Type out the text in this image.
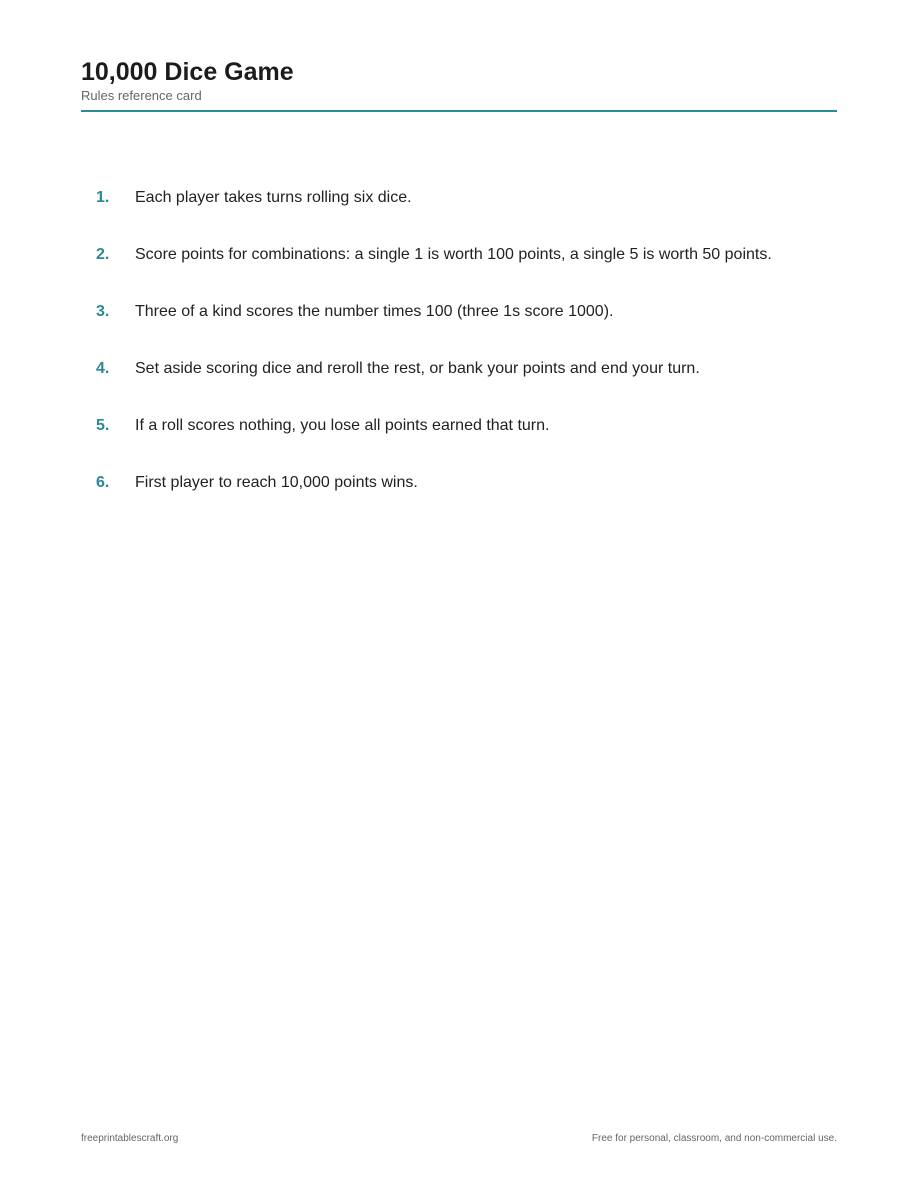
10,000 Dice Game

Rules reference card

1.	Each player takes turns rolling six dice.
2.	Score points for combinations: a single 1 is worth 100 points, a single 5 is worth 50 points.
3.	Three of a kind scores the number times 100 (three 1s score 1000).
4.	Set aside scoring dice and reroll the rest, or bank your points and end your turn.
5.	If a roll scores nothing, you lose all points earned that turn.
6.	First player to reach 10,000 points wins.
freeprintablescraft.org	Free for personal, classroom, and non-commercial use.
